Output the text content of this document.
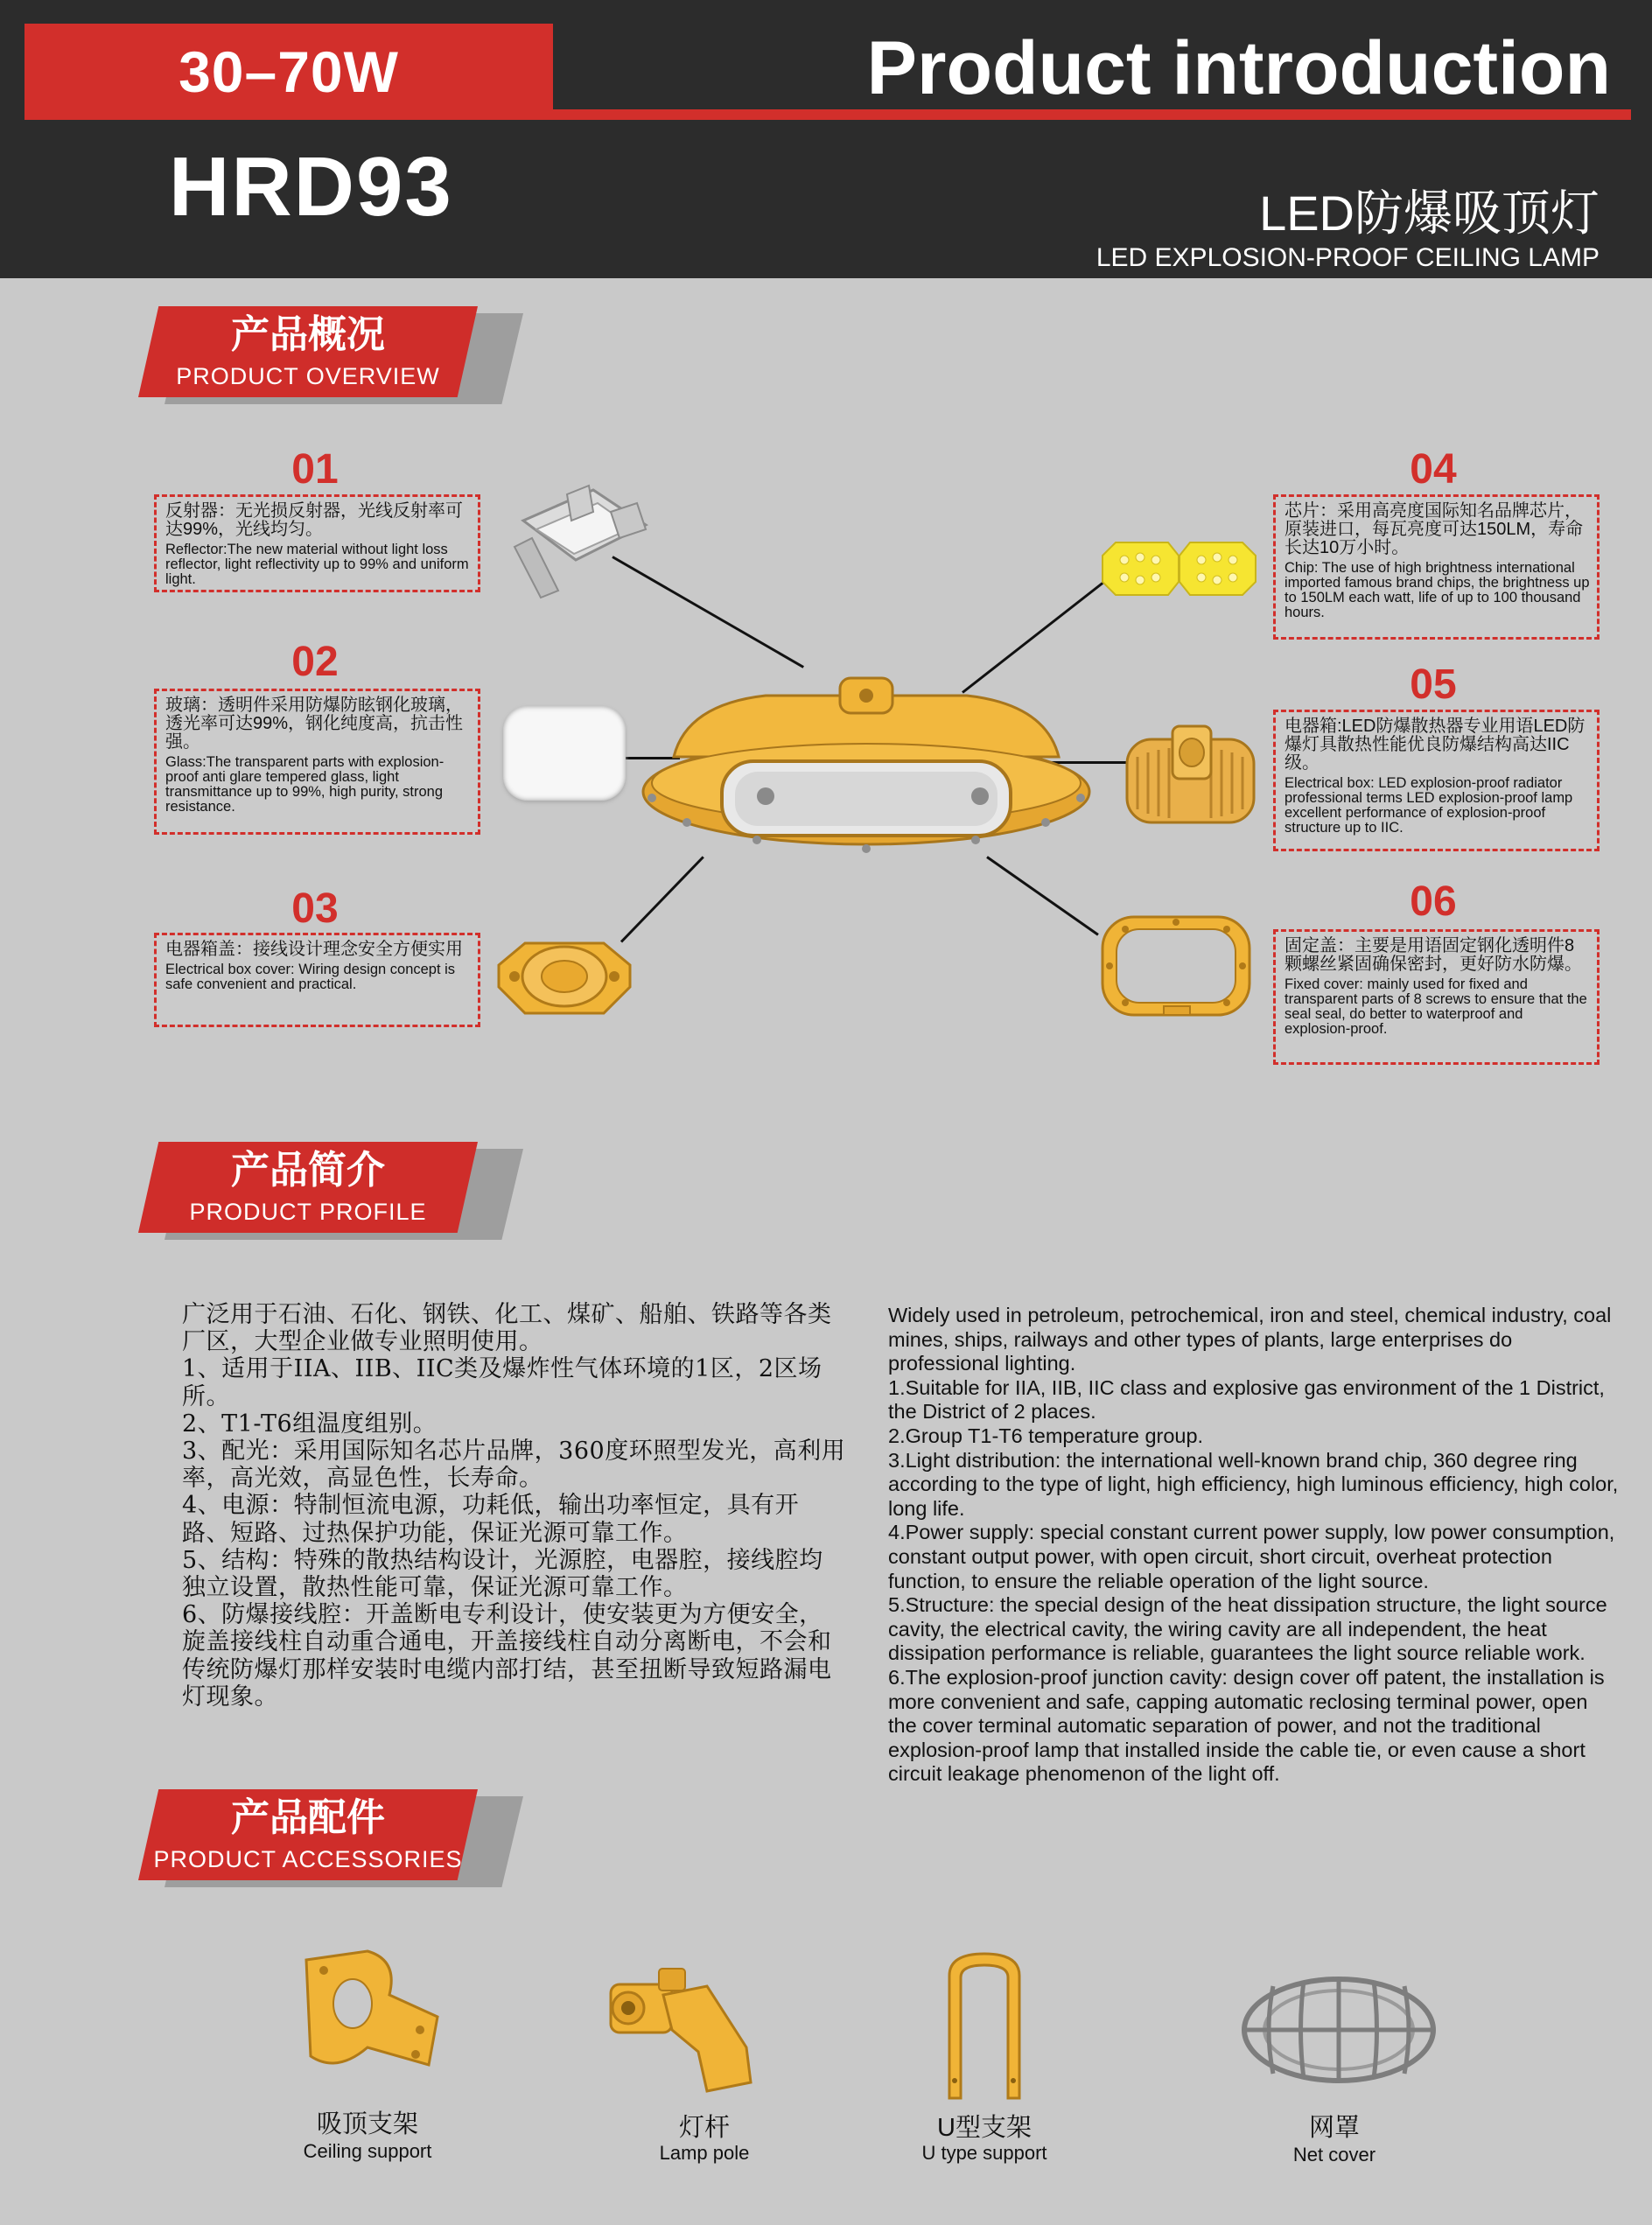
30–70W	Product introduction
HRD93	LED防爆吸顶灯
LED EXPLOSION-PROOF CEILING LAMP
产品概况
PRODUCT OVERVIEW
01
反射器：无光损反射器，光线反射率可达99%，光线均匀。
Reflector:The new material without light loss reflector, light reflectivity up to 99% and uniform light.
02
玻璃：透明件采用防爆防眩钢化玻璃，透光率可达99%，钢化纯度高，抗击性强。
Glass:The transparent parts with explosion-proof anti glare tempered glass, light transmittance up to 99%, high purity, strong resistance.
03
电器箱盖：接线设计理念安全方便实用
Electrical box cover: Wiring design concept is safe convenient and practical.
04
芯片：采用高亮度国际知名品牌芯片，原装进口，每瓦亮度可达150LM，寿命长达10万小时。
Chip: The use of high brightness international imported famous brand chips, the brightness up to 150LM each watt, life of up to 100 thousand hours.
05
电器箱:LED防爆散热器专业用语LED防爆灯具散热性能优良防爆结构高达IIC级。
Electrical box: LED explosion-proof radiator professional terms LED explosion-proof lamp excellent performance of explosion-proof structure up to IIC.
06
固定盖：主要是用语固定钢化透明件8颗螺丝紧固确保密封，更好防水防爆。
Fixed cover: mainly used for fixed and transparent parts of 8 screws to ensure that the seal seal, do better to waterproof and explosion-proof.
产品简介
PRODUCT PROFILE

广泛用于石油、石化、钢铁、化工、煤矿、船舶、铁路等各类厂区，大型企业做专业照明使用。

1、适用于IIA、IIB、IIC类及爆炸性气体环境的1区，2区场所。

2、T1-T6组温度组别。

3、配光：采用国际知名芯片品牌，360度环照型发光，高利用率，高光效，高显色性，长寿命。

4、电源：特制恒流电源，功耗低，输出功率恒定，具有开路、短路、过热保护功能，保证光源可靠工作。

5、结构：特殊的散热结构设计，光源腔，电器腔，接线腔均独立设置，散热性能可靠，保证光源可靠工作。

6、防爆接线腔：开盖断电专利设计，使安装更为方便安全，旋盖接线柱自动重合通电，开盖接线柱自动分离断电，不会和传统防爆灯那样安装时电缆内部打结，甚至扭断导致短路漏电灯现象。

Widely used in petroleum, petrochemical, iron and steel, chemical industry, coal mines, ships, railways and other types of plants, large enterprises do professional lighting.

1.Suitable for IIA, IIB, IIC class and explosive gas environment of the 1 District, the District of 2 places.

2.Group T1-T6 temperature group.

3.Light distribution: the international well-known brand chip, 360 degree ring according to the type of light, high efficiency, high luminous efficiency, high color, long life.

4.Power supply: special constant current power supply, low power consumption, constant output power, with open circuit, short circuit, overheat protection function, to ensure the reliable operation of the light source.

5.Structure: the special design of the heat dissipation structure, the light source cavity, the electrical cavity, the wiring cavity are all independent, the heat dissipation performance is reliable, guarantees the light source reliable work.

6.The explosion-proof junction cavity: design cover off patent, the installation is more convenient and safe, capping automatic reclosing terminal power, open the cover terminal automatic separation of power, and not the traditional explosion-proof lamp that installed inside the cable tie, or even cause a short circuit leakage phenomenon of the light off.

产品配件
PRODUCT ACCESSORIES
吸顶支架
Ceiling support
灯杆
Lamp pole
U型支架
U type support
网罩
Net cover
